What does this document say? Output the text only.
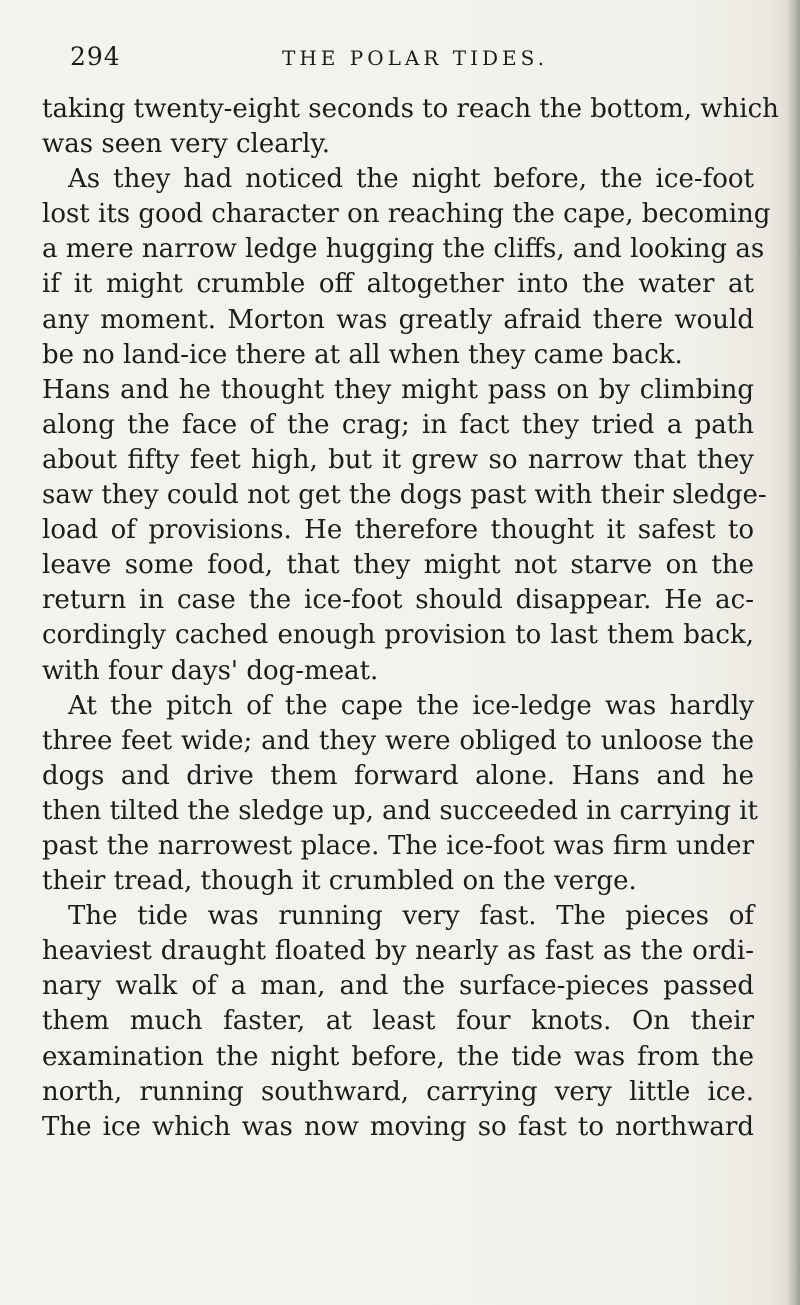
294	THE POLAR TIDES.
taking twenty-eight seconds to reach the bottom, which
was seen very clearly.
As they had noticed the night before, the ice-foot
lost its good character on reaching the cape, becoming
a mere narrow ledge hugging the cliffs, and looking as
if it might crumble off altogether into the water at
any moment. Morton was greatly afraid there would
be no land-ice there at all when they came back.
Hans and he thought they might pass on by climbing
along the face of the crag; in fact they tried a path
about fifty feet high, but it grew so narrow that they
saw they could not get the dogs past with their sledge-
load of provisions. He therefore thought it safest to
leave some food, that they might not starve on the
return in case the ice-foot should disappear. He ac-
cordingly cached enough provision to last them back,
with four days' dog-meat.
At the pitch of the cape the ice-ledge was hardly
three feet wide; and they were obliged to unloose the
dogs and drive them forward alone. Hans and he
then tilted the sledge up, and succeeded in carrying it
past the narrowest place. The ice-foot was firm under
their tread, though it crumbled on the verge.
The tide was running very fast. The pieces of
heaviest draught floated by nearly as fast as the ordi-
nary walk of a man, and the surface-pieces passed
them much faster, at least four knots. On their
examination the night before, the tide was from the
north, running southward, carrying very little ice.
The ice which was now moving so fast to northward
